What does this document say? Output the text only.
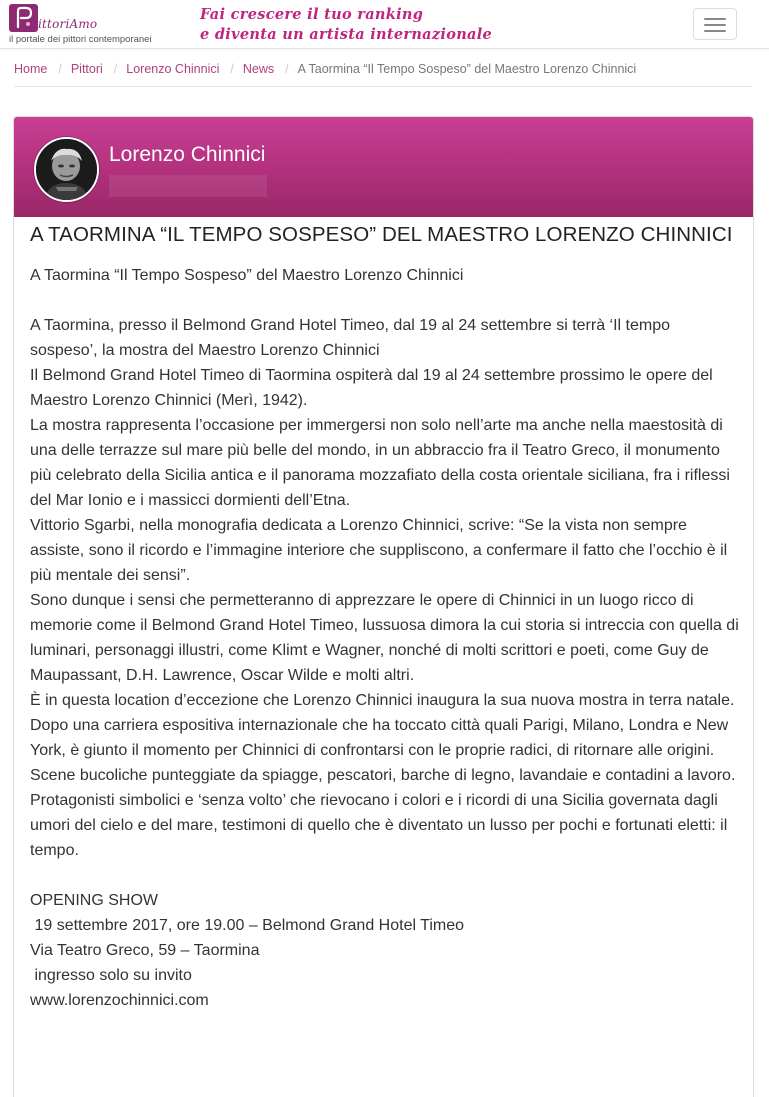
ittoriAmo
il portale dei pittori contemporanei
Fai crescere il tuo ranking
e diventa un artista internazionale
Home / Pittori / Lorenzo Chinnici / News / A Taormina “Il Tempo Sospeso” del Maestro Lorenzo Chinnici
Lorenzo Chinnici
A TAORMINA “IL TEMPO SOSPESO” DEL MAESTRO LORENZO CHINNICI

A Taormina “Il Tempo Sospeso” del Maestro Lorenzo Chinnici

A Taormina, presso il Belmond Grand Hotel Timeo, dal 19 al 24 settembre si terrà ‘Il tempo sospeso’, la mostra del Maestro Lorenzo Chinnici

Il Belmond Grand Hotel Timeo di Taormina ospiterà dal 19 al 24 settembre prossimo le opere del Maestro Lorenzo Chinnici (Merì, 1942).

La mostra rappresenta l’occasione per immergersi non solo nell’arte ma anche nella maestosità di una delle terrazze sul mare più belle del mondo, in un abbraccio fra il Teatro Greco, il monumento più celebrato della Sicilia antica e il panorama mozzafiato della costa orientale siciliana, fra i riflessi del Mar Ionio e i massicci dormienti dell’Etna.

Vittorio Sgarbi, nella monografia dedicata a Lorenzo Chinnici, scrive: “Se la vista non sempre assiste, sono il ricordo e l’immagine interiore che suppliscono, a confermare il fatto che l’occhio è il più mentale dei sensi”.

Sono dunque i sensi che permetteranno di apprezzare le opere di Chinnici in un luogo ricco di memorie come il Belmond Grand Hotel Timeo, lussuosa dimora la cui storia si intreccia con quella di luminari, personaggi illustri, come Klimt e Wagner, nonché di molti scrittori e poeti, come Guy de Maupassant, D.H. Lawrence, Oscar Wilde e molti altri.

È in questa location d’eccezione che Lorenzo Chinnici inaugura la sua nuova mostra in terra natale.

Dopo una carriera espositiva internazionale che ha toccato città quali Parigi, Milano, Londra e New York, è giunto il momento per Chinnici di confrontarsi con le proprie radici, di ritornare alle origini.

Scene bucoliche punteggiate da spiagge, pescatori, barche di legno, lavandaie e contadini a lavoro.

Protagonisti simbolici e ‘senza volto’ che rievocano i colori e i ricordi di una Sicilia governata dagli umori del cielo e del mare, testimoni di quello che è diventato un lusso per pochi e fortunati eletti: il tempo.

OPENING SHOW

19 settembre 2017, ore 19.00 – Belmond Grand Hotel Timeo

Via Teatro Greco, 59 – Taormina

ingresso solo su invito

www.lorenzochinnici.com
